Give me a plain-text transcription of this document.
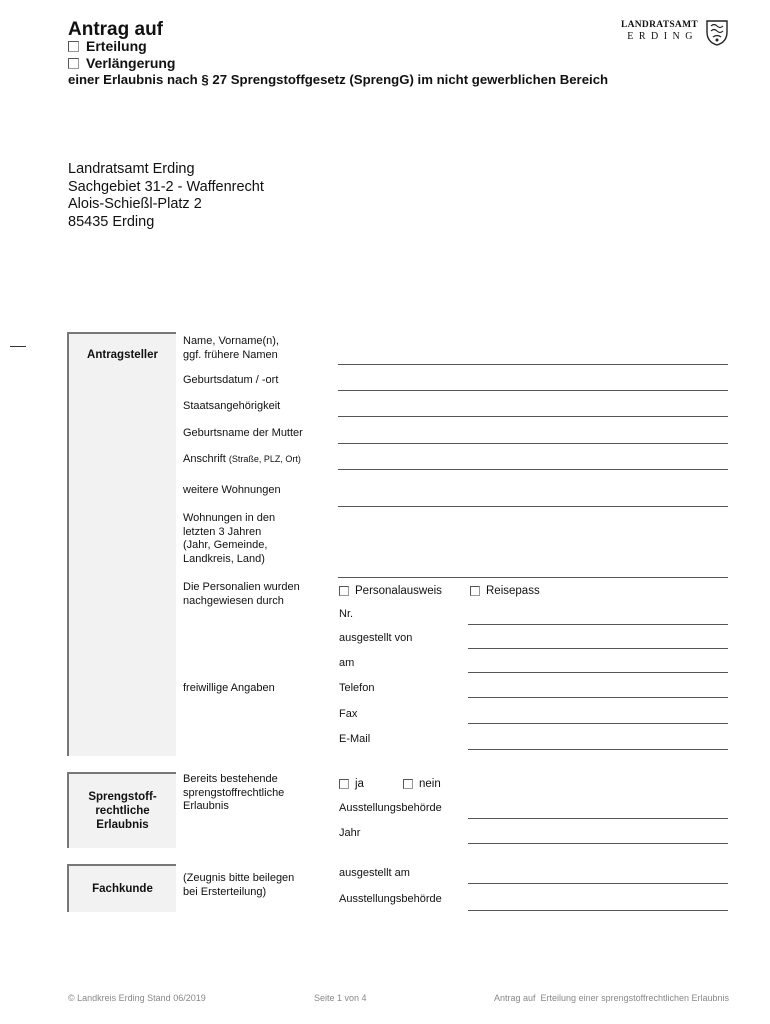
Antrag auf
Erteilung
Verlängerung
einer Erlaubnis nach § 27 Sprengstoffgesetz (SprengG) im nicht gewerblichen Bereich
LANDRATSAMT
ERDING
Landratsamt Erding
Sachgebiet 31-2 - Waffenrecht
Alois-Schießl-Platz 2
85435 Erding
Antragsteller
Sprengstoff-
rechtliche
Erlaubnis
Fachkunde
Name, Vorname(n),
ggf. frühere Namen
Geburtsdatum / -ort
Staatsangehörigkeit
Geburtsname der Mutter
Anschrift (Straße, PLZ, Ort)
weitere Wohnungen
Wohnungen in den
letzten 3 Jahren
(Jahr, Gemeinde,
Landkreis, Land)
Die Personalien wurden
nachgewiesen durch
Personalausweis	Reisepass
Nr.
ausgestellt von
am
freiwillige Angaben	Telefon
Fax
E-Mail
Bereits bestehende
sprengstoffrechtliche
Erlaubnis
ja	nein
Ausstellungsbehörde
Jahr
(Zeugnis bitte beilegen
bei Ersterteilung)
ausgestellt am
Ausstellungsbehörde
© Landkreis Erding Stand 06/2019	Seite 1 von 4	Antrag auf  Erteilung einer sprengstoffrechtlichen Erlaubnis
